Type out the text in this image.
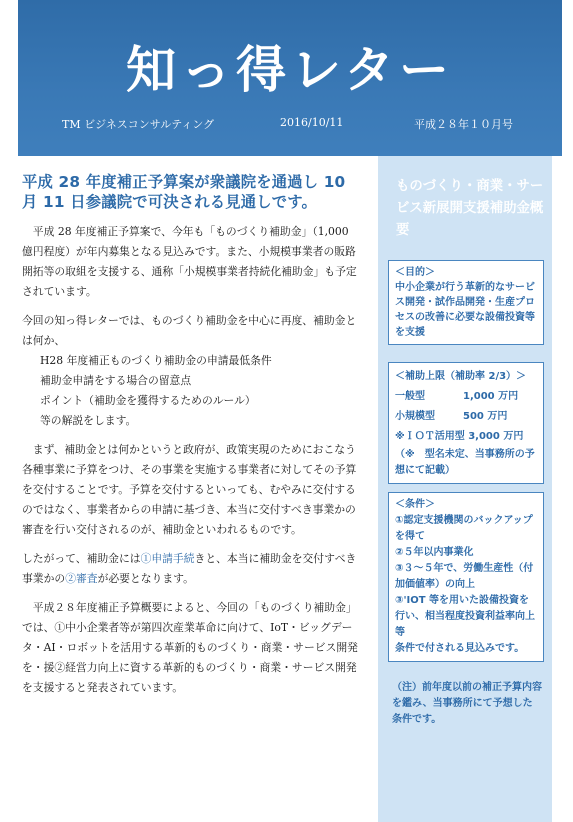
知っ得レター
TM ビジネスコンサルティング	2016/10/11	平成２８年１０月号
平成 28 年度補正予算案が衆議院を通過し 10 月 11 日参議院で可決される見通しです。

平成 28 年度補正予算案で、今年も「ものづくり補助金」（1,000 億円程度）が年内募集となる見込みです。また、小規模事業者の販路開拓等の取組を支援する、通称「小規模事業者持続化補助金」も予定されています。

今回の知っ得レターでは、ものづくり補助金を中心に再度、補助金とは何か、
H28 年度補正ものづくり補助金の申請最低条件
補助金申請をする場合の留意点
ポイント（補助金を獲得するためのルール）
等の解説をします。

まず、補助金とは何かというと政府が、政策実現のためにおこなう各種事業に予算をつけ、その事業を実施する事業者に対してその予算を交付することです。予算を交付するといっても、むやみに交付するのではなく、事業者からの申請に基づき、本当に交付すべき事業かの審査を行い交付されるのが、補助金といわれるものです。

したがって、補助金には①申請手続きと、本当に補助金を交付すべき事業かの②審査が必要となります。

平成２８年度補正予算概要によると、今回の「ものづくり補助金」では、①中小企業者等が第四次産業革命に向けて、IoT・ビッグデータ・AI・ロボットを活用する革新的ものづくり・商業・サービス開発を・援②経営力向上に資する革新的ものづくり・商業・サービス開発を支援すると発表されています。

ものづくり・商業・サービス新展開支援補助金概要
＜目的＞
中小企業が行う革新的なサービス開発・試作品開発・生産プロセスの改善に必要な設備投資等を支援
＜補助上限（補助率 2/3）＞
一般型	1,000 万円
小規模型	500 万円
※ＩＯＴ活用型 3,000 万円
（※　型名未定、当事務所の予想にて記載）
＜条件＞
①認定支援機関のバックアップを得て
②５年以内事業化
③３～５年で、労働生産性（付加価値率）の向上
③'IOT 等を用いた設備投資を行い、相当程度投資利益率向上等
条件で付される見込みです。
（注）前年度以前の補正予算内容を鑑み、当事務所にて予想した条件です。
